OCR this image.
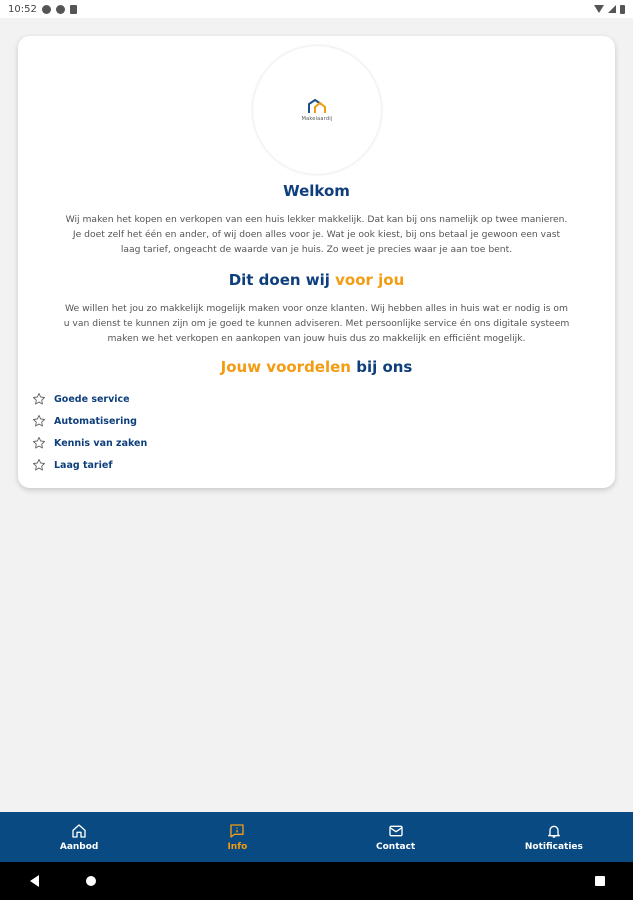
10:52
Makelaardij
Welkom
Wij maken het kopen en verkopen van een huis lekker makkelijk. Dat kan bij ons namelijk op twee manieren.
Je doet zelf het één en ander, of wij doen alles voor je. Wat je ook kiest, bij ons betaal je gewoon een vast
laag tarief, ongeacht de waarde van je huis. Zo weet je precies waar je aan toe bent.
Dit doen wij voor jou
We willen het jou zo makkelijk mogelijk maken voor onze klanten. Wij hebben alles in huis wat er nodig is om
u van dienst te kunnen zijn om je goed te kunnen adviseren. Met persoonlijke service én ons digitale systeem
maken we het verkopen en aankopen van jouw huis dus zo makkelijk en efficiënt mogelijk.
Jouw voordelen bij ons
Goede service
Automatisering
Kennis van zaken
Laag tarief
Aanbod	Info	Contact	Notificaties
